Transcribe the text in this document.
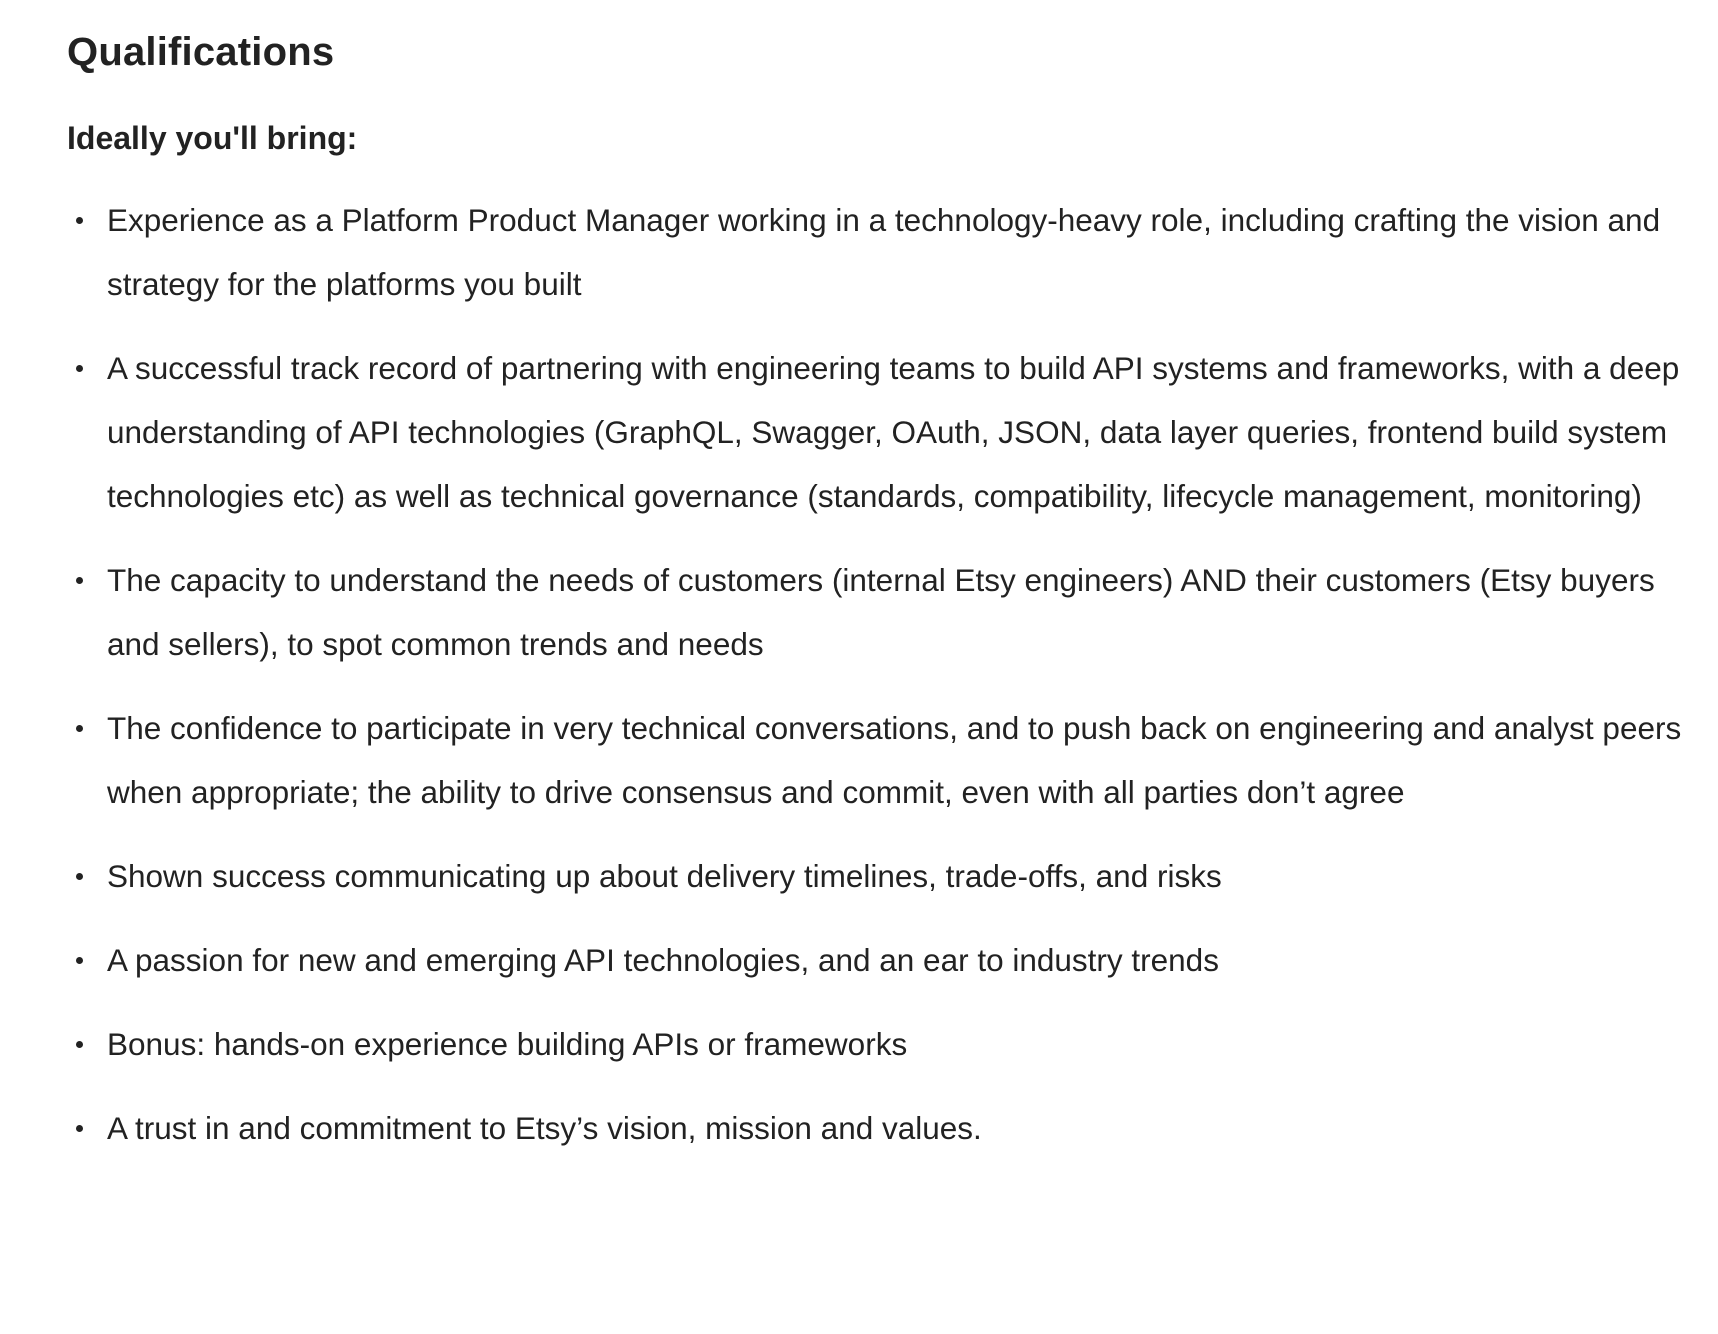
Qualifications
Ideally you'll bring:
Experience as a Platform Product Manager working in a technology-heavy role, including crafting the vision and strategy for the platforms you built
A successful track record of partnering with engineering teams to build API systems and frameworks, with a deep understanding of API technologies (GraphQL, Swagger, OAuth, JSON, data layer queries, frontend build system technologies etc) as well as technical governance (standards, compatibility, lifecycle management, monitoring)
The capacity to understand the needs of customers (internal Etsy engineers) AND their customers (Etsy buyers and sellers), to spot common trends and needs
The confidence to participate in very technical conversations, and to push back on engineering and analyst peers when appropriate; the ability to drive consensus and commit, even with all parties don’t agree
Shown success communicating up about delivery timelines, trade-offs, and risks
A passion for new and emerging API technologies, and an ear to industry trends
Bonus: hands-on experience building APIs or frameworks
A trust in and commitment to Etsy’s vision, mission and values.
